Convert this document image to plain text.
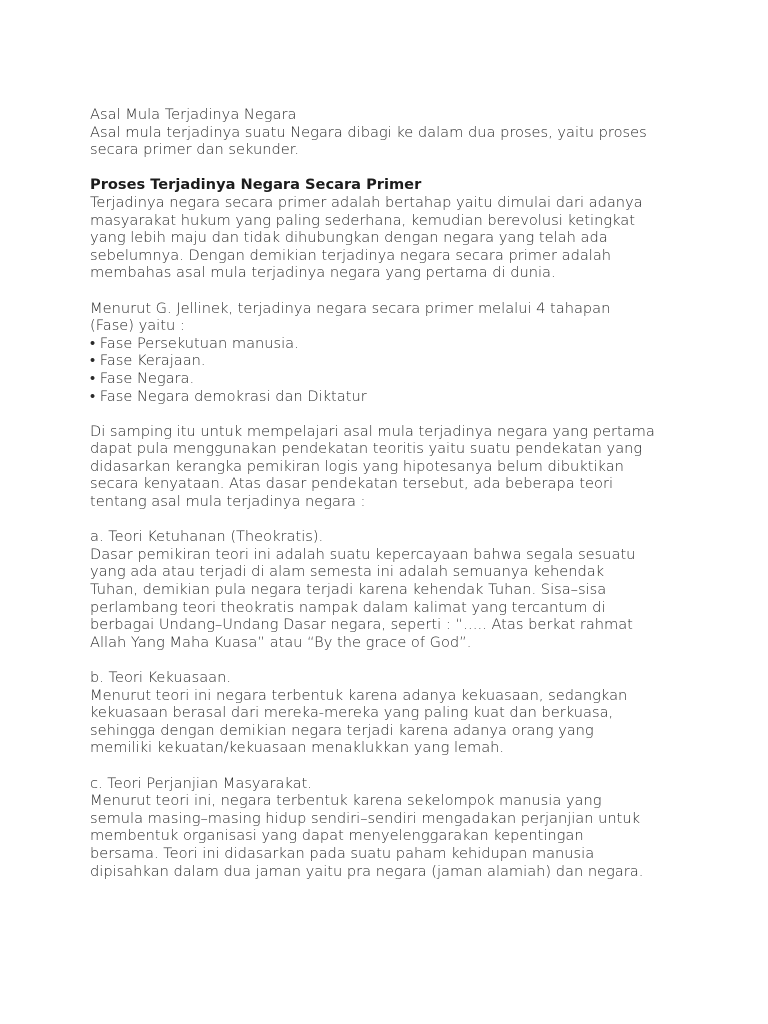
Asal Mula Terjadinya Negara
Asal mula terjadinya suatu Negara dibagi ke dalam dua proses, yaitu proses
secara primer dan sekunder.
Proses Terjadinya Negara Secara Primer
Terjadinya negara secara primer adalah bertahap yaitu dimulai dari adanya
masyarakat hukum yang paling sederhana, kemudian berevolusi ketingkat
yang lebih maju dan tidak dihubungkan dengan negara yang telah ada
sebelumnya. Dengan demikian terjadinya negara secara primer adalah
membahas asal mula terjadinya negara yang pertama di dunia.
Menurut G. Jellinek, terjadinya negara secara primer melalui 4 tahapan
(Fase) yaitu :
• Fase Persekutuan manusia.
• Fase Kerajaan.
• Fase Negara.
• Fase Negara demokrasi dan Diktatur
Di samping itu untuk mempelajari asal mula terjadinya negara yang pertama
dapat pula menggunakan pendekatan teoritis yaitu suatu pendekatan yang
didasarkan kerangka pemikiran logis yang hipotesanya belum dibuktikan
secara kenyataan. Atas dasar pendekatan tersebut, ada beberapa teori
tentang asal mula terjadinya negara :
a. Teori Ketuhanan (Theokratis).
Dasar pemikiran teori ini adalah suatu kepercayaan bahwa segala sesuatu
yang ada atau terjadi di alam semesta ini adalah semuanya kehendak
Tuhan, demikian pula negara terjadi karena kehendak Tuhan. Sisa–sisa
perlambang teori theokratis nampak dalam kalimat yang tercantum di
berbagai Undang–Undang Dasar negara, seperti : “….. Atas berkat rahmat
Allah Yang Maha Kuasa” atau “By the grace of God”.
b. Teori Kekuasaan.
Menurut teori ini negara terbentuk karena adanya kekuasaan, sedangkan
kekuasaan berasal dari mereka-mereka yang paling kuat dan berkuasa,
sehingga dengan demikian negara terjadi karena adanya orang yang
memiliki kekuatan/kekuasaan menaklukkan yang lemah.
c. Teori Perjanjian Masyarakat.
Menurut teori ini, negara terbentuk karena sekelompok manusia yang
semula masing–masing hidup sendiri–sendiri mengadakan perjanjian untuk
membentuk organisasi yang dapat menyelenggarakan kepentingan
bersama. Teori ini didasarkan pada suatu paham kehidupan manusia
dipisahkan dalam dua jaman yaitu pra negara (jaman alamiah) dan negara.
